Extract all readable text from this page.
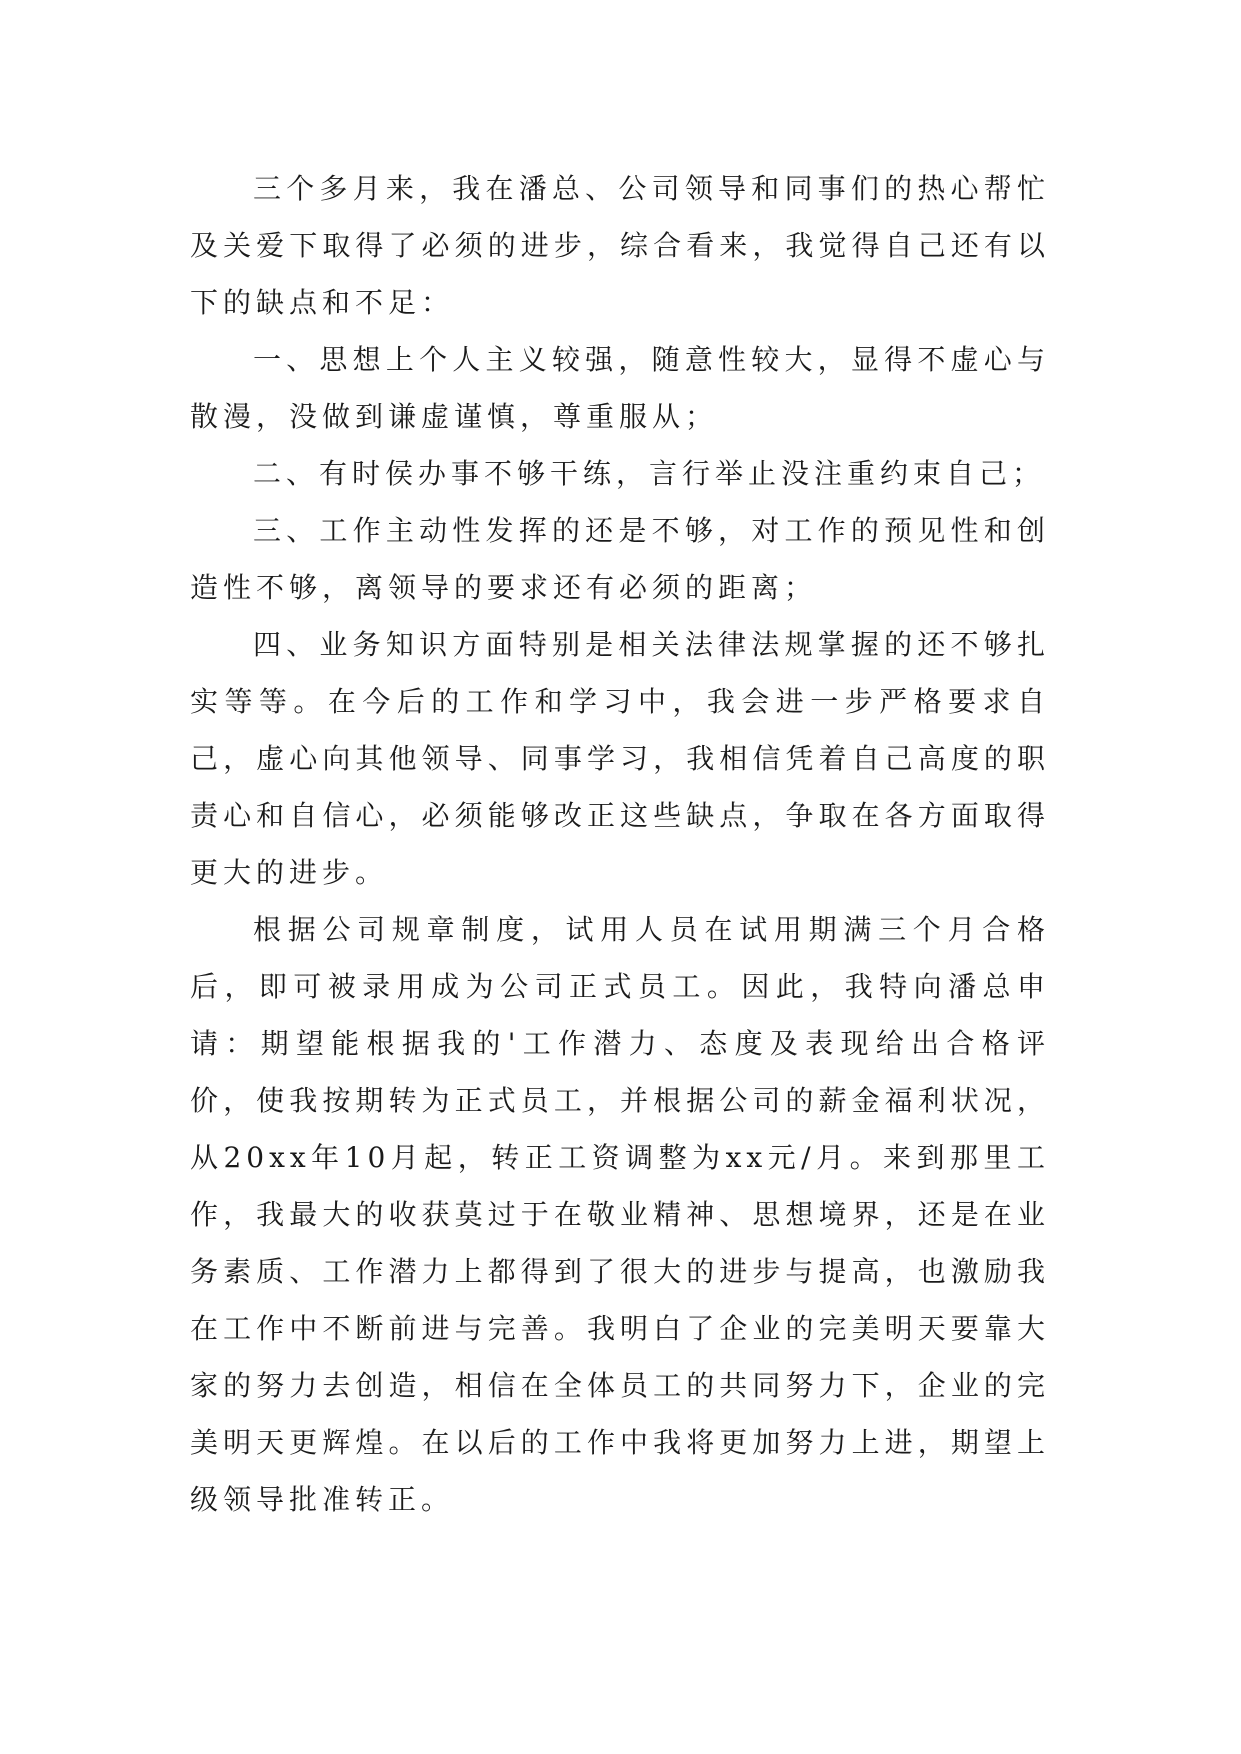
三个多月来，我在潘总、公司领导和同事们的热心帮忙及关爱下取得了必须的进步，综合看来，我觉得自己还有以下的缺点和不足：

一、思想上个人主义较强，随意性较大，显得不虚心与散漫，没做到谦虚谨慎，尊重服从；

二、有时侯办事不够干练，言行举止没注重约束自己；

三、工作主动性发挥的还是不够，对工作的预见性和创造性不够，离领导的要求还有必须的距离；

四、业务知识方面特别是相关法律法规掌握的还不够扎实等等。在今后的工作和学习中，我会进一步严格要求自己，虚心向其他领导、同事学习，我相信凭着自己高度的职责心和自信心，必须能够改正这些缺点，争取在各方面取得更大的进步。

根据公司规章制度，试用人员在试用期满三个月合格后，即可被录用成为公司正式员工。因此，我特向潘总申请：期望能根据我的'工作潜力、态度及表现给出合格评价，使我按期转为正式员工，并根据公司的薪金福利状况，从20xx年10月起，转正工资调整为xx元/月。来到那里工作，我最大的收获莫过于在敬业精神、思想境界，还是在业务素质、工作潜力上都得到了很大的进步与提高，也激励我在工作中不断前进与完善。我明白了企业的完美明天要靠大家的努力去创造，相信在全体员工的共同努力下，企业的完美明天更辉煌。在以后的工作中我将更加努力上进，期望上级领导批准转正。
